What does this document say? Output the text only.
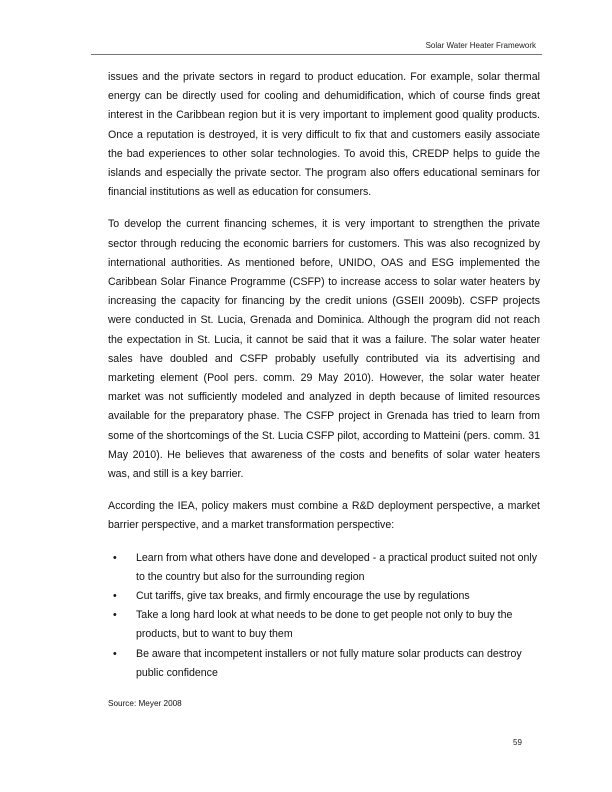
Solar Water Heater Framework

issues and the private sectors in regard to product education. For example, solar thermal energy can be directly used for cooling and dehumidification, which of course finds great interest in the Caribbean region but it is very important to implement good quality products. Once a reputation is destroyed, it is very difficult to fix that and customers easily associate the bad experiences to other solar technologies. To avoid this, CREDP helps to guide the islands and especially the private sector. The program also offers educational seminars for financial institutions as well as education for consumers.

To develop the current financing schemes, it is very important to strengthen the private sector through reducing the economic barriers for customers. This was also recognized by international authorities. As mentioned before, UNIDO, OAS and ESG implemented the Caribbean Solar Finance Programme (CSFP) to increase access to solar water heaters by increasing the capacity for financing by the credit unions (GSEII 2009b). CSFP projects were conducted in St. Lucia, Grenada and Dominica. Although the program did not reach the expectation in St. Lucia, it cannot be said that it was a failure. The solar water heater sales have doubled and CSFP probably usefully contributed via its advertising and marketing element (Pool pers. comm. 29 May 2010). However, the solar water heater market was not sufficiently modeled and analyzed in depth because of limited resources available for the preparatory phase. The CSFP project in Grenada has tried to learn from some of the shortcomings of the St. Lucia CSFP pilot, according to Matteini (pers. comm. 31 May 2010). He believes that awareness of the costs and benefits of solar water heaters was, and still is a key barrier.

According the IEA, policy makers must combine a R&D deployment perspective, a market barrier perspective, and a market transformation perspective:

• Learn from what others have done and developed - a practical product suited not only to the country but also for the surrounding region
• Cut tariffs, give tax breaks, and firmly encourage the use by regulations
• Take a long hard look at what needs to be done to get people not only to buy the products, but to want to buy them
• Be aware that incompetent installers or not fully mature solar products can destroy public confidence
Source: Meyer 2008
59
